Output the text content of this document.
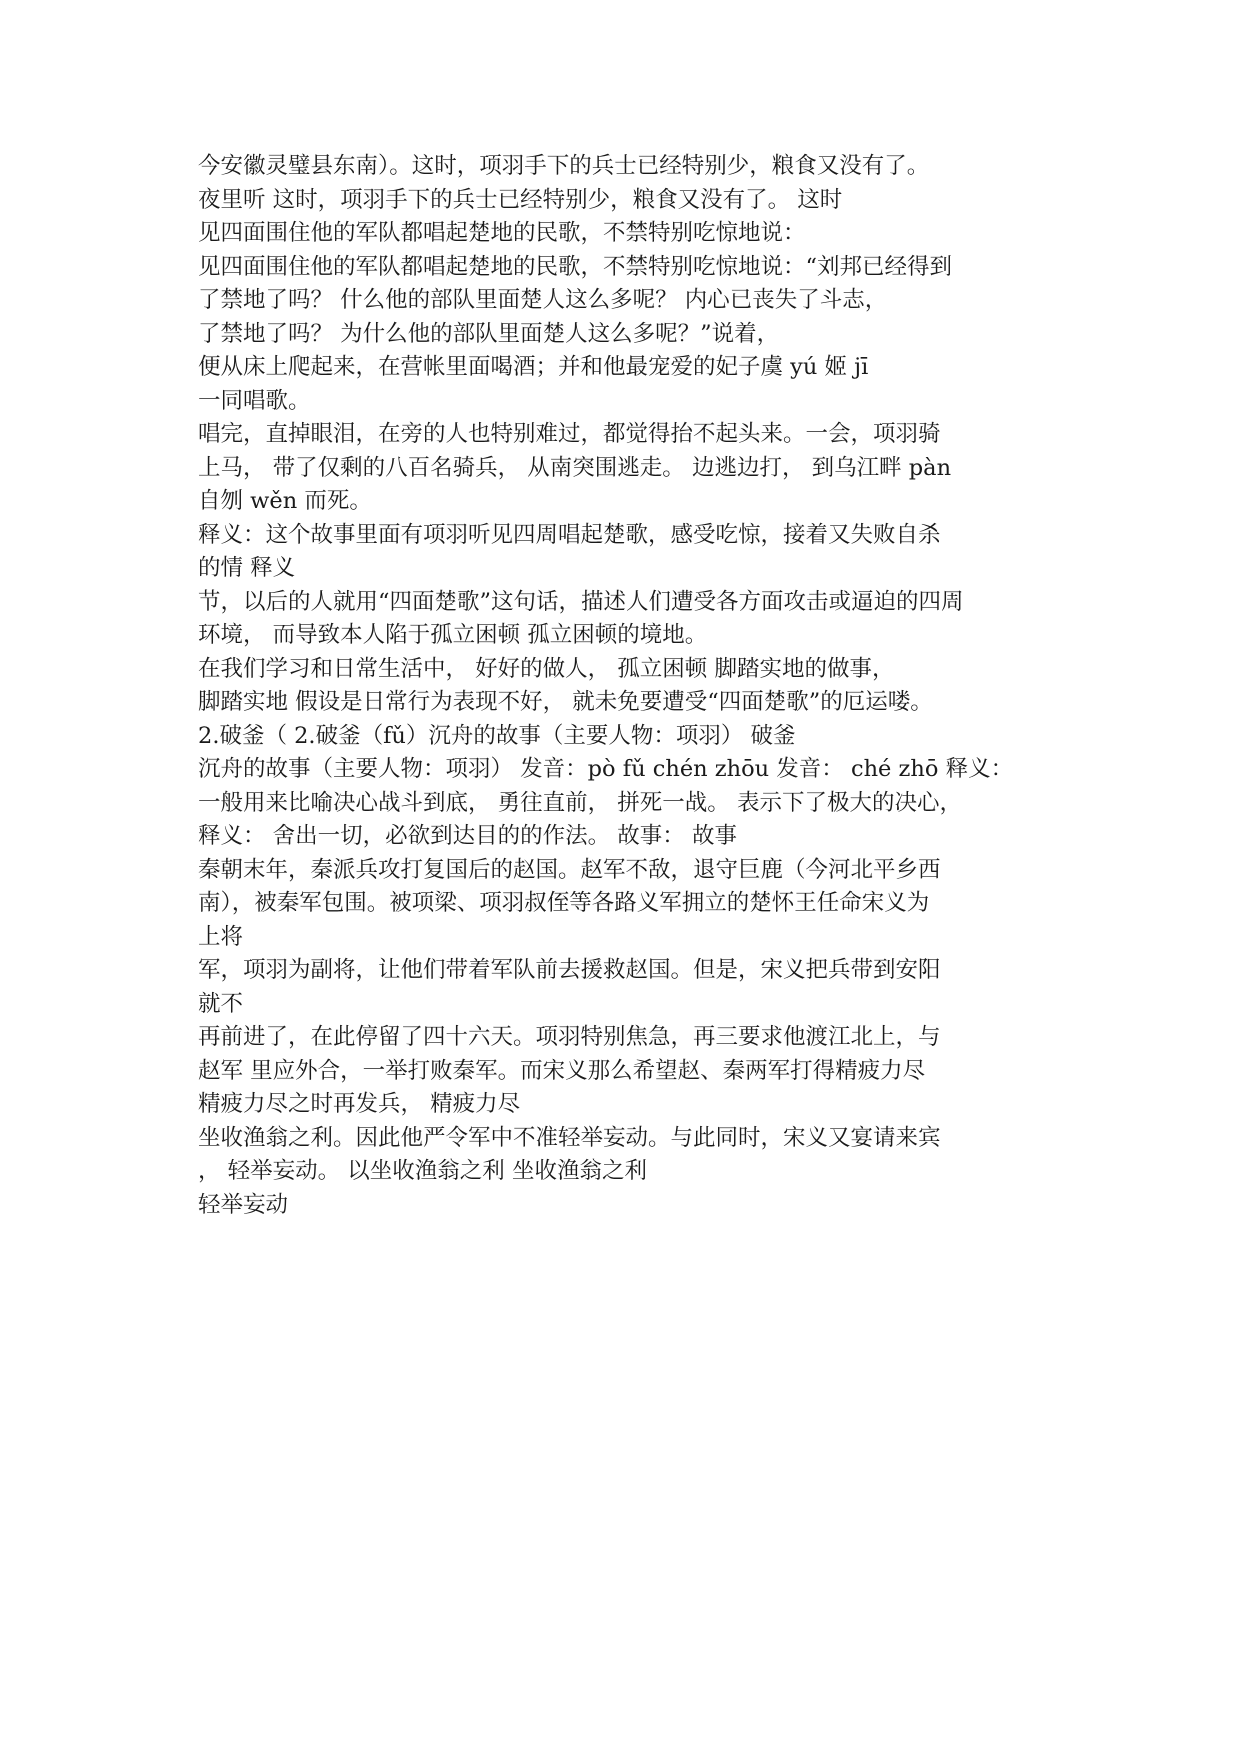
今安徽灵璧县东南）。这时，项羽手下的兵士已经特别少，粮食又没有了。
夜里听 这时，项羽手下的兵士已经特别少，粮食又没有了。 这时
见四面围住他的军队都唱起楚地的民歌，不禁特别吃惊地说：
见四面围住他的军队都唱起楚地的民歌，不禁特别吃惊地说：“刘邦已经得到
了禁地了吗？ 什么他的部队里面楚人这么多呢？ 内心已丧失了斗志，
了禁地了吗？ 为什么他的部队里面楚人这么多呢？”说着，
便从床上爬起来，在营帐里面喝酒；并和他最宠爱的妃子虞 yú 姬 jī
一同唱歌。
唱完，直掉眼泪，在旁的人也特别难过，都觉得抬不起头来。一会，项羽骑
上马， 带了仅剩的八百名骑兵， 从南突围逃走。 边逃边打， 到乌江畔 pàn
自刎 wěn 而死。
释义：这个故事里面有项羽听见四周唱起楚歌，感受吃惊，接着又失败自杀
的情 释义
节，以后的人就用“四面楚歌”这句话，描述人们遭受各方面攻击或逼迫的四周
环境， 而导致本人陷于孤立困顿 孤立困顿的境地。
在我们学习和日常生活中， 好好的做人， 孤立困顿 脚踏实地的做事，
脚踏实地 假设是日常行为表现不好， 就未免要遭受“四面楚歌”的厄运喽。
2.破釜（ 2.破釜（fǔ）沉舟的故事（主要人物：项羽） 破釜
沉舟的故事（主要人物：项羽） 发音：pò fǔ chén zhōu 发音： ché zhō 释义：
一般用来比喻决心战斗到底， 勇往直前， 拼死一战。 表示下了极大的决心，
释义： 舍出一切，必欲到达目的的作法。 故事： 故事
秦朝末年，秦派兵攻打复国后的赵国。赵军不敌，退守巨鹿（今河北平乡西
南），被秦军包围。被项梁、项羽叔侄等各路义军拥立的楚怀王任命宋义为
上将
军，项羽为副将，让他们带着军队前去援救赵国。但是，宋义把兵带到安阳
就不
再前进了，在此停留了四十六天。项羽特别焦急，再三要求他渡江北上，与
赵军 里应外合，一举打败秦军。而宋义那么希望赵、秦两军打得精疲力尽
精疲力尽之时再发兵， 精疲力尽
坐收渔翁之利。因此他严令军中不准轻举妄动。与此同时，宋义又宴请来宾
， 轻举妄动。 以坐收渔翁之利 坐收渔翁之利
轻举妄动
